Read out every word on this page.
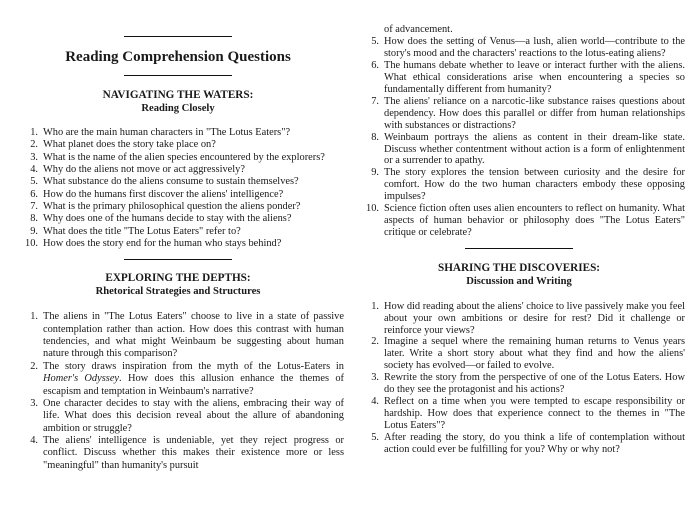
Reading Comprehension Questions
NAVIGATING THE WATERS:
Reading Closely
1 . Who are the main human characters in "The Lotus Eaters"?
2 . What planet does the story take place on?
3 . What is the name of the alien species encountered by the explorers?
4 . Why do the aliens not move or act aggressively?
5 . What substance do the aliens consume to sustain themselves?
6 . How do the humans first discover the aliens' intelligence?
7 . What is the primary philosophical question the aliens ponder?
8 . Why does one of the humans decide to stay with the aliens?
9 . What does the title "The Lotus Eaters" refer to?
10 . How does the story end for the human who stays behind?
EXPLORING THE DEPTHS:
Rhetorical Strategies and Structures
1 . The aliens in "The Lotus Eaters" choose to live in a state of passive contemplation rather than action. How does this contrast with human tendencies, and what might Weinbaum be suggesting about human nature through this comparison?
2 . The story draws inspiration from the myth of the Lotus-Eaters in Homer's Odyssey. How does this allusion enhance the themes of escapism and temptation in Weinbaum's narrative?
3 . One character decides to stay with the aliens, embracing their way of life. What does this decision reveal about the allure of abandoning ambition or struggle?
4 . The aliens' intelligence is undeniable, yet they reject progress or conflict. Discuss whether this makes their existence more or less "meaningful" than humanity's pursuit
of advancement.
5 . How does the setting of Venus—a lush, alien world—contribute to the story's mood and the characters' reactions to the lotus-eating aliens?
6 . The humans debate whether to leave or interact further with the aliens. What ethical considerations arise when encountering a species so fundamentally different from humanity?
7 . The aliens' reliance on a narcotic-like substance raises questions about dependency. How does this parallel or differ from human relationships with substances or distractions?
8 . Weinbaum portrays the aliens as content in their dream-like state. Discuss whether contentment without action is a form of enlightenment or a surrender to apathy.
9 . The story explores the tension between curiosity and the desire for comfort. How do the two human characters embody these opposing impulses?
10 . Science fiction often uses alien encounters to reflect on humanity. What aspects of human behavior or philosophy does "The Lotus Eaters" critique or celebrate?
SHARING THE DISCOVERIES:
Discussion and Writing
1 . How did reading about the aliens' choice to live passively make you feel about your own ambitions or desire for rest? Did it challenge or reinforce your views?
2 . Imagine a sequel where the remaining human returns to Venus years later. Write a short story about what they find and how the aliens' society has evolved—or failed to evolve.
3 . Rewrite the story from the perspective of one of the Lotus Eaters. How do they see the protagonist and his actions?
4 . Reflect on a time when you were tempted to escape responsibility or hardship. How does that experience connect to the themes in "The Lotus Eaters"?
5 . After reading the story, do you think a life of contemplation without action could ever be fulfilling for you? Why or why not?
